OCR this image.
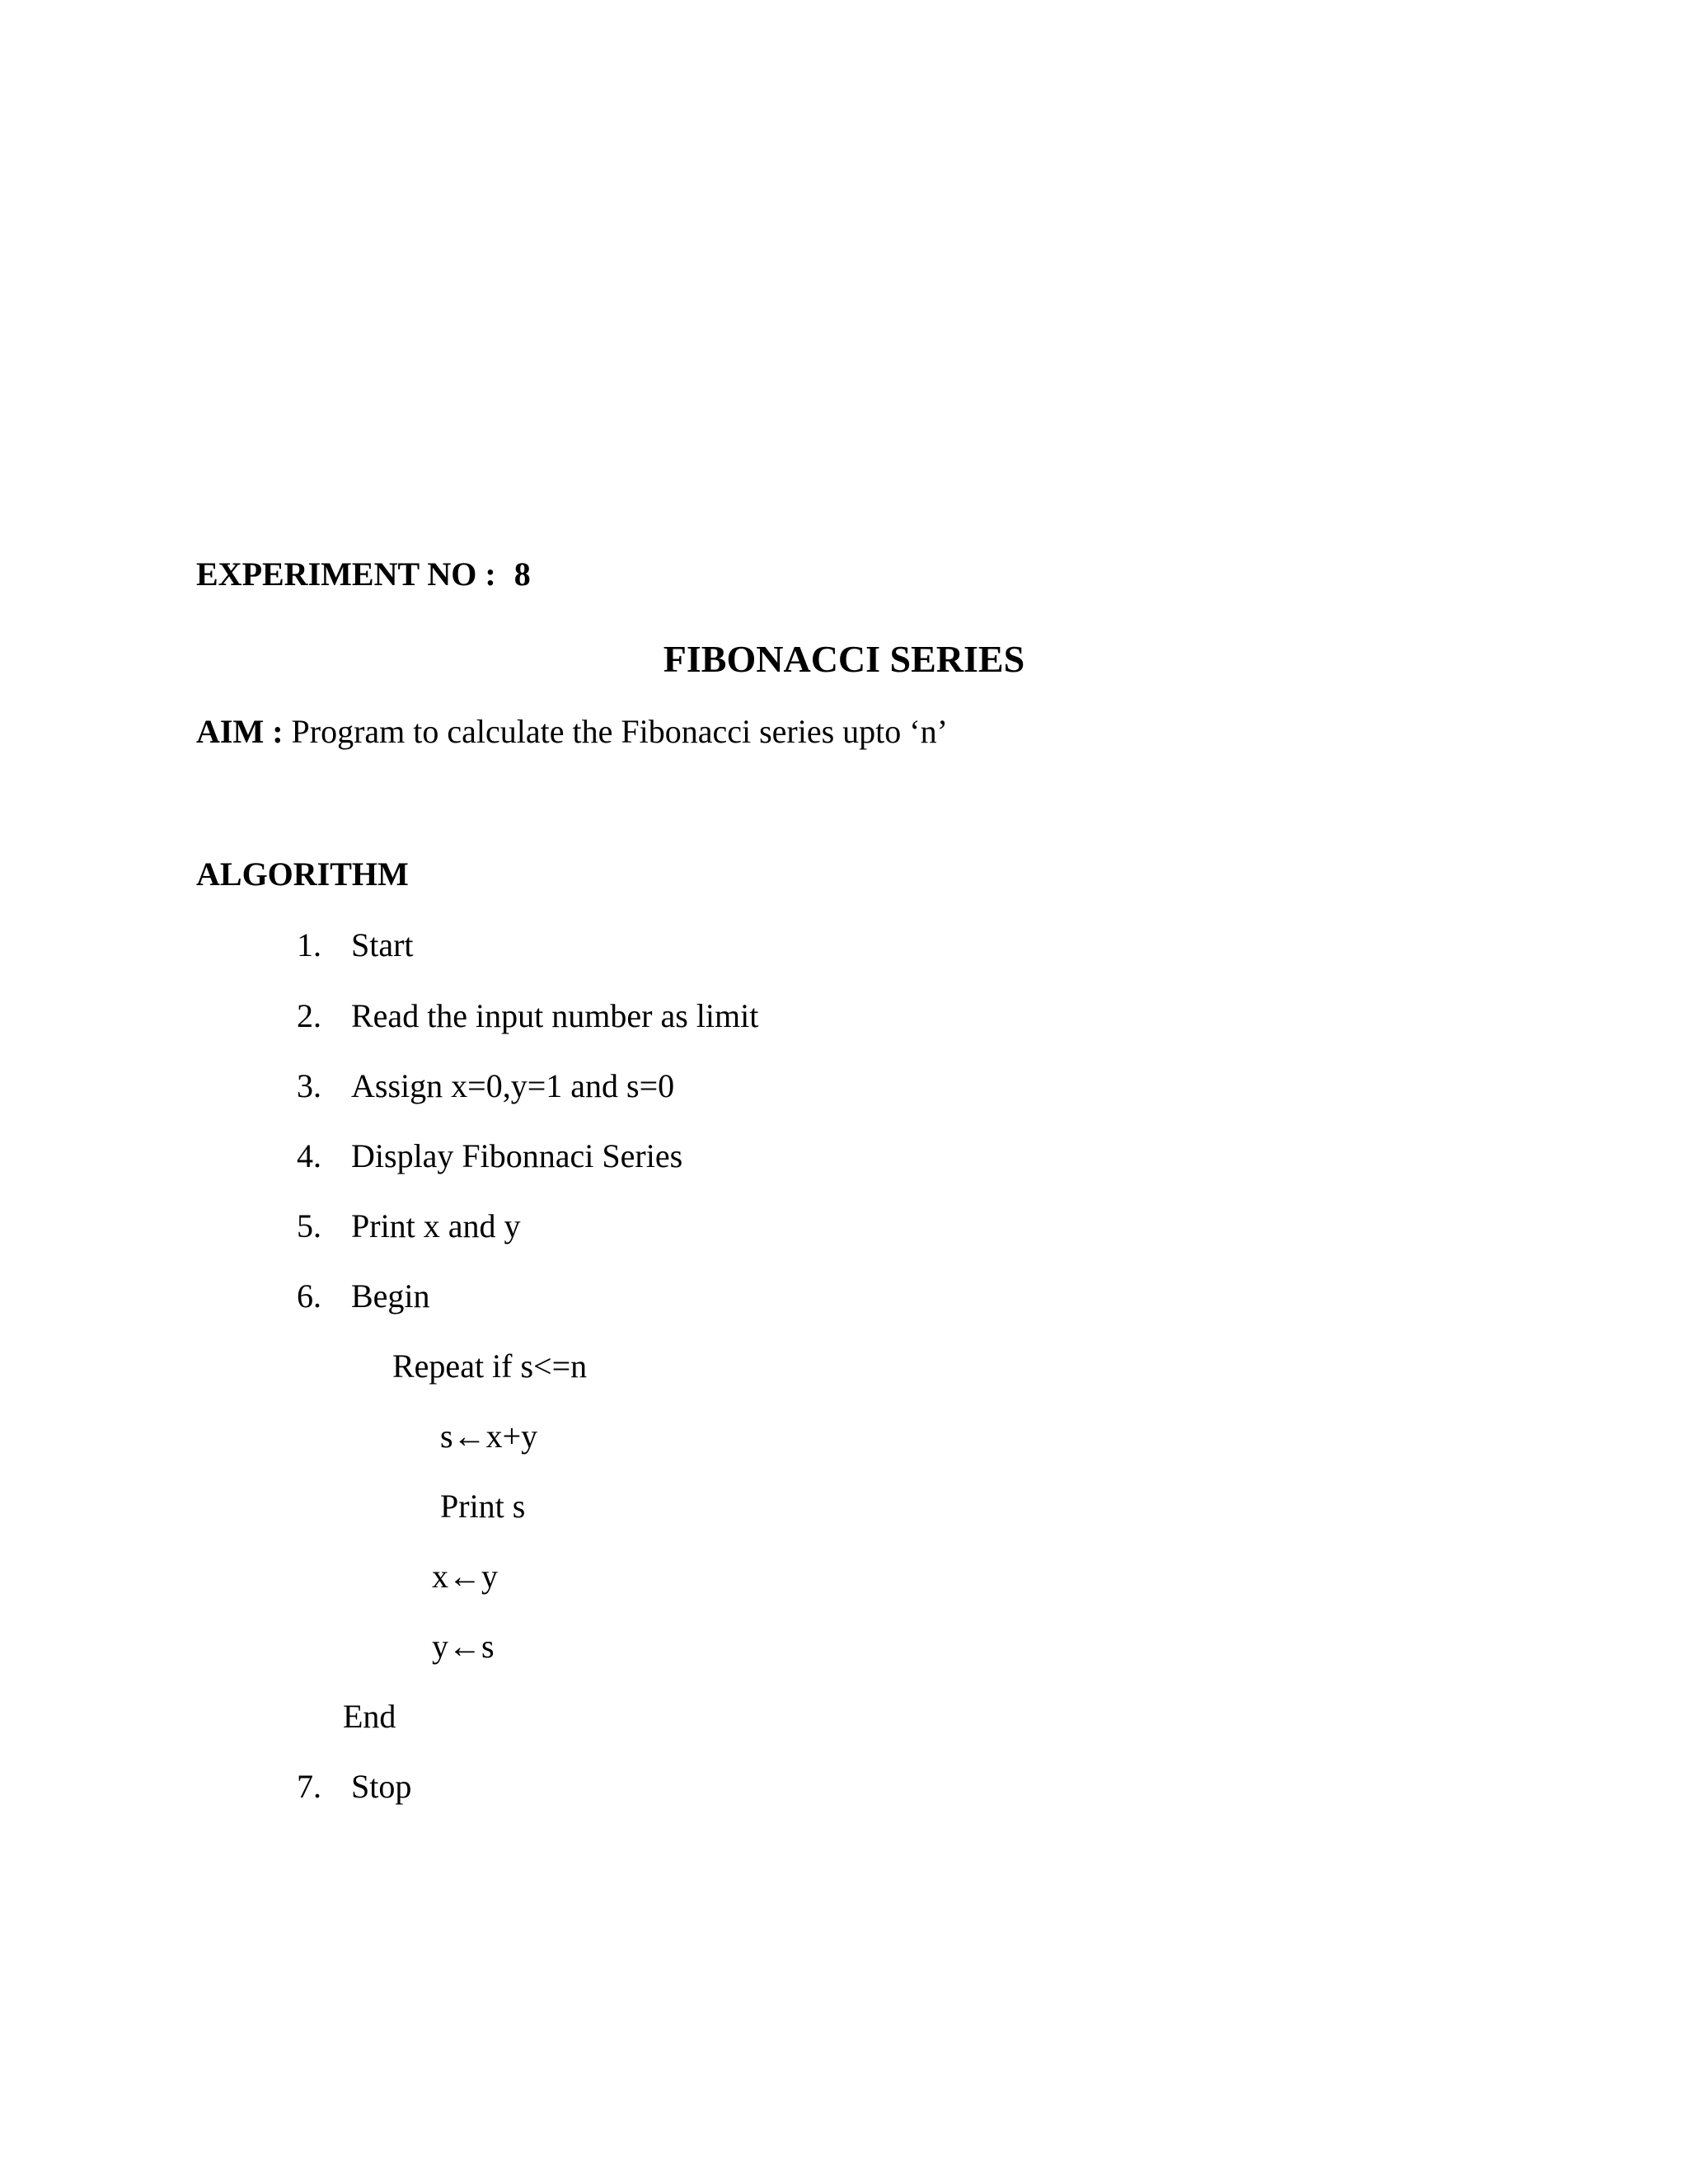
EXPERIMENT NO : 8
FIBONACCI SERIES
AIM : Program to calculate the Fibonacci series upto ‘n’
ALGORITHM
1. Start
2. Read the input number as limit
3. Assign x=0,y=1 and s=0
4. Display Fibonnaci Series
5. Print x and y
6. Begin
Repeat if s<=n
s←x+y
Print s
x←y
y←s
End
7. Stop
